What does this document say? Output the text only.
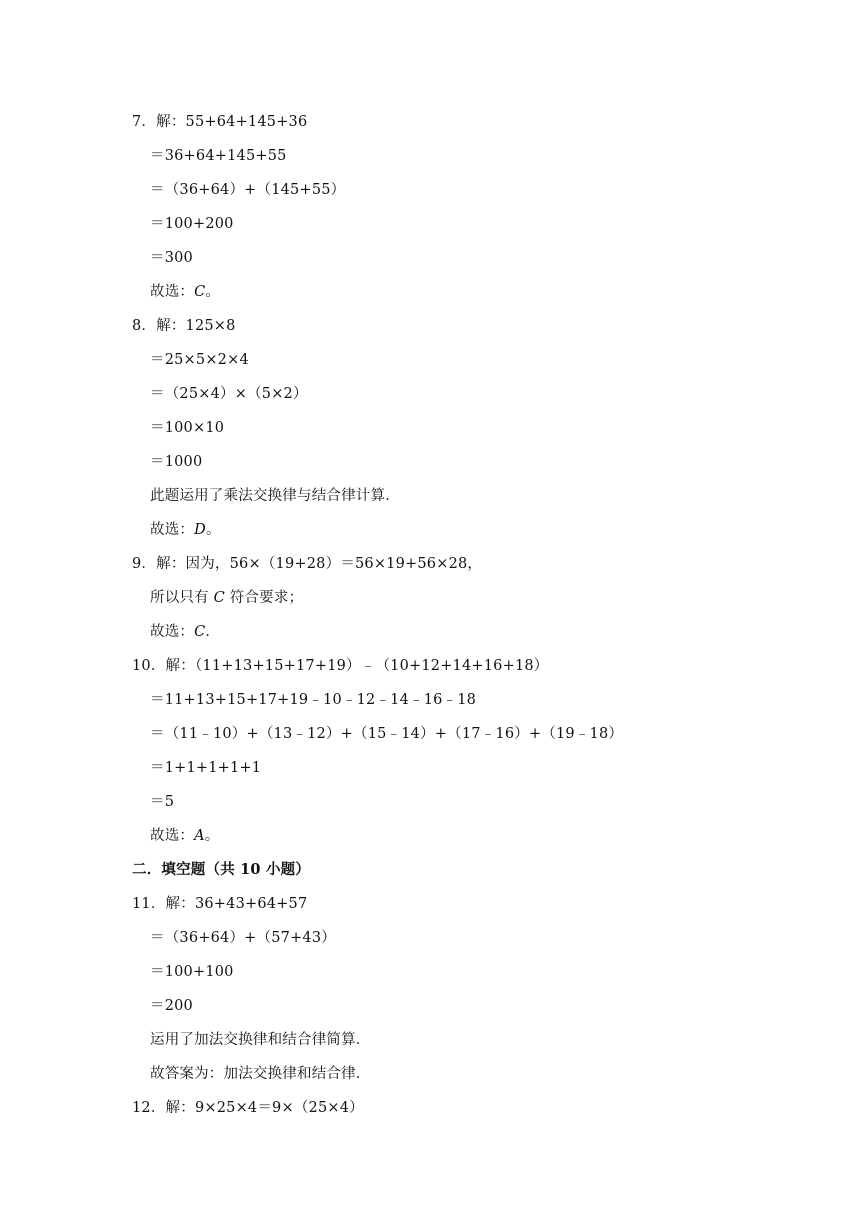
7．解：55+64+145+36
＝36+64+145+55
＝（36+64）+（145+55）
＝100+200
＝300
故选：C。
8．解：125×8
＝25×5×2×4
＝（25×4）×（5×2）
＝100×10
＝1000
此题运用了乘法交换律与结合律计算．
故选：D。
9．解：因为，56×（19+28）＝56×19+56×28，
所以只有 C 符合要求；
故选：C．
10．解：（11+13+15+17+19）﹣（10+12+14+16+18）
＝11+13+15+17+19﹣10﹣12﹣14﹣16﹣18
＝（11﹣10）+（13﹣12）+（15﹣14）+（17﹣16）+（19﹣18）
＝1+1+1+1+1
＝5
故选：A。
二．填空题（共 10 小题）
11．解：36+43+64+57
＝（36+64）+（57+43）
＝100+100
＝200
运用了加法交换律和结合律简算．
故答案为：加法交换律和结合律．
12．解：9×25×4＝9×（25×4）
